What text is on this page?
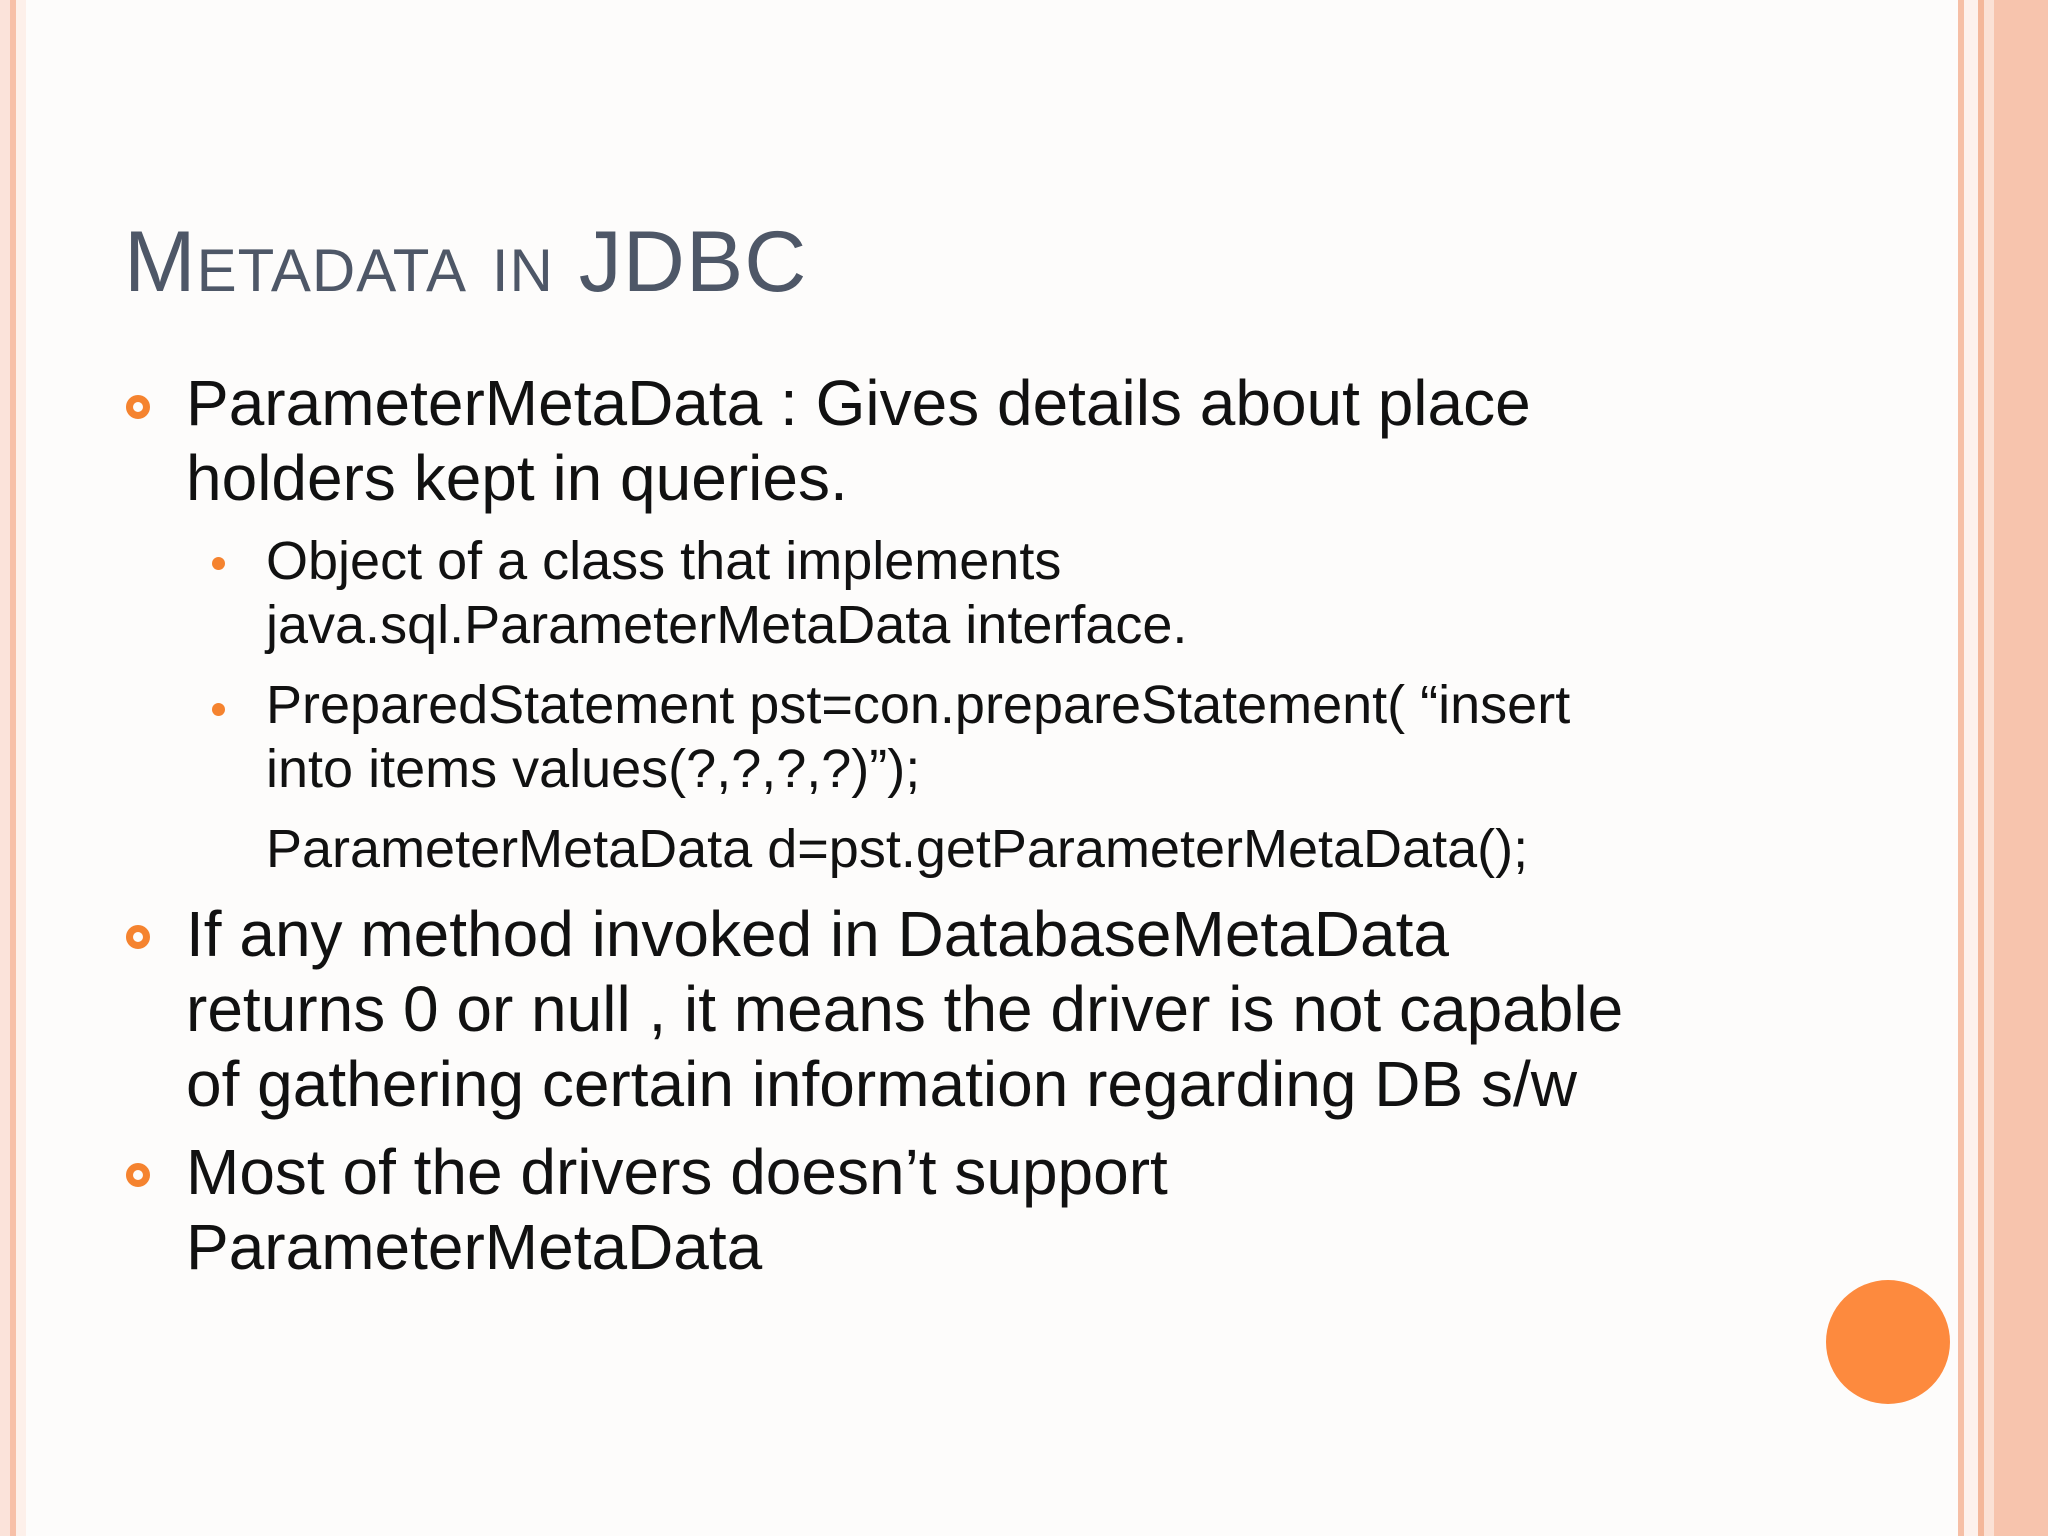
Metadata in JDBC

ParameterMetaData : Gives details about place
holders kept in queries.

Object of a class that implements
java.sql.ParameterMetaData interface.

PreparedStatement pst=con.prepareStatement( “insert
into items values(?,?,?,?)”);

ParameterMetaData d=pst.getParameterMetaData();

If any method invoked in DatabaseMetaData
returns 0 or null , it means the driver is not capable
of gathering certain information regarding DB s/w

Most of the drivers doesn’t support
ParameterMetaData
